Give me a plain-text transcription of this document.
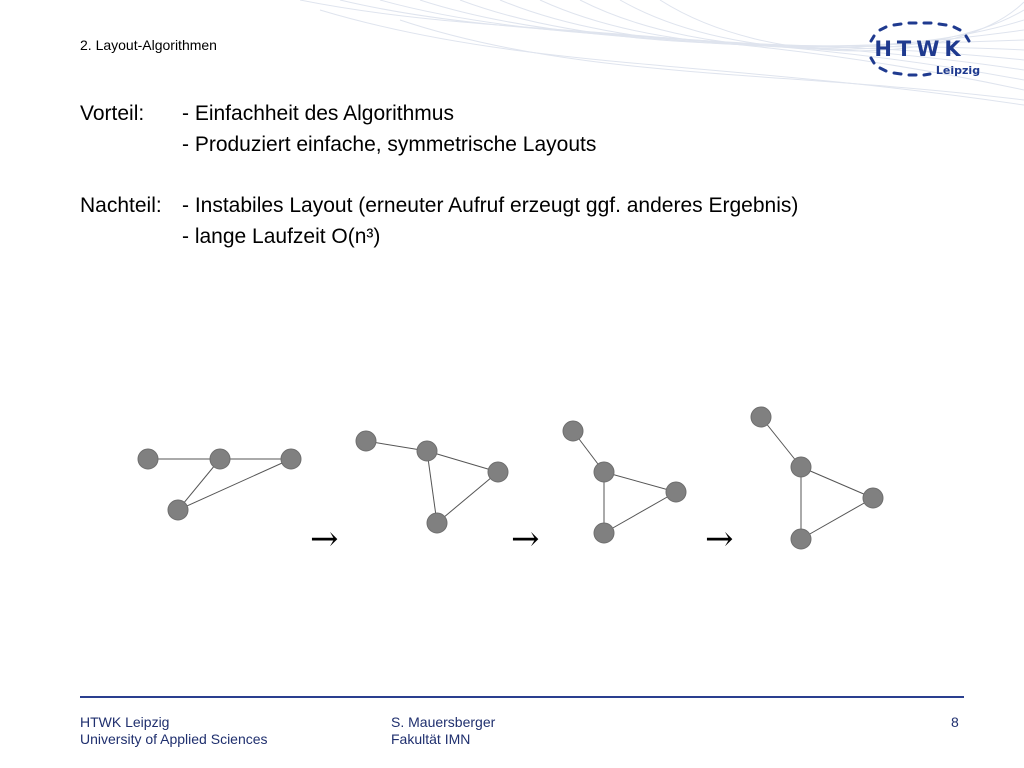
2. Layout-Algorithmen	HTWK
Leipzig
Vorteil: - Einfachheit des Algorithmus
- Produziert einfache, symmetrische Layouts
Nachteil: - Instabiles Layout (erneuter Aufruf erzeugt ggf. anderes Ergebnis)
- lange Laufzeit O(n³)
→	→	→
HTWK Leipzig
University of Applied Sciences
S. Mauersberger
Fakultät IMN
8
